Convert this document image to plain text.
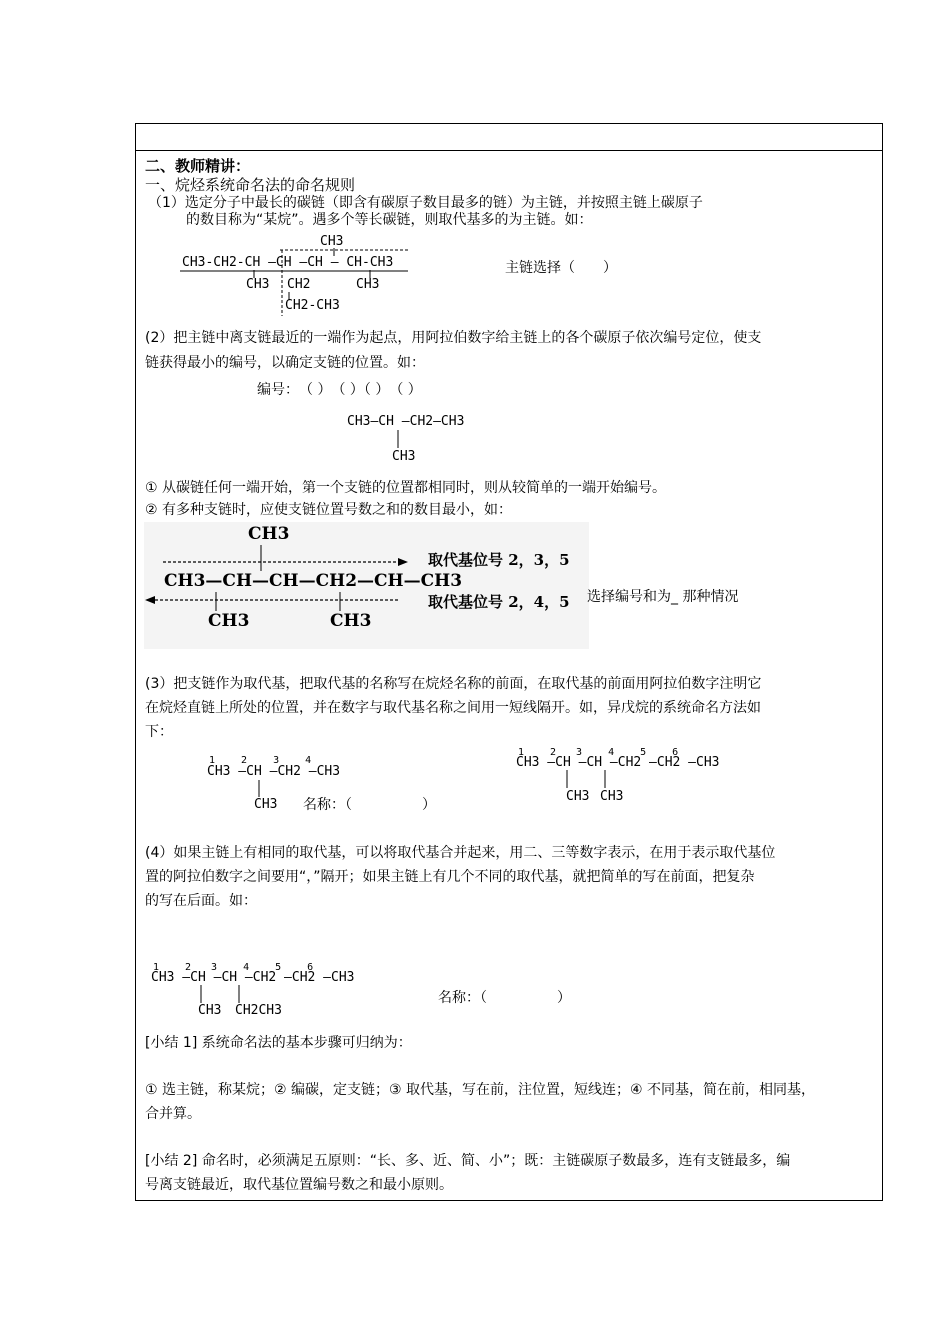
二、教师精讲：
一、烷烃系统命名法的命名规则
（1）选定分子中最长的碳链（即含有碳原子数目最多的链）为主链，并按照主链上碳原子
的数目称为“某烷”。遇多个等长碳链，则取代基多的为主链。如：
CH3
CH3-CH2-CH —CH —CH — CH-CH3
CH3 CH2	CH3
CH2-CH3
主链选择（　　）
(2）把主链中离支链最近的一端作为起点，用阿拉伯数字给主链上的各个碳原子依次编号定位，使支
链获得最小的编号，以确定支链的位置。如：
编号：　（ ）　（ ）（ ）　（ ）
CH3—CH —CH2—CH3
CH3
① 从碳链任何一端开始，第一个支链的位置都相同时，则从较简单的一端开始编号。
② 有多种支链时，应使支链位置号数之和的数目最小，如：
CH3
CH3—CH—CH—CH2—CH—CH3
CH3	CH3
取代基位号 2，3，5
取代基位号 2，4，5 选择编号和为_ 那种情况
(3）把支链作为取代基，把取代基的名称写在烷烃名称的前面，在取代基的前面用阿拉伯数字注明它
在烷烃直链上所处的位置，并在数字与取代基名称之间用一短线隔开。如，异戊烷的系统命名方法如
下：
1　　 2　　 3　　 4
CH3 —CH —CH2 —CH3
CH3 名称：（　　　　　）
1　　 2　　3　　 4　　 5　　 6
CH3 —CH —CH —CH2 —CH2 —CH3
CH3 CH3
(4）如果主链上有相同的取代基，可以将取代基合并起来，用二、三等数字表示，在用于表示取代基位
置的阿拉伯数字之间要用“，”隔开；如果主链上有几个不同的取代基，就把简单的写在前面，把复杂
的写在后面。如：
1　　 2　　3　　 4　　 5　　 6
CH3 —CH —CH —CH2 —CH2 —CH3
CH3 CH2CH3
名称：（　　　　　）
[小结 1] 系统命名法的基本步骤可归纳为：
① 选主链，称某烷；② 编碳，定支链；③ 取代基，写在前，注位置，短线连；④ 不同基，简在前，相同基，
合并算。
[小结 2] 命名时，必须满足五原则：“长、多、近、简、小”；既：主链碳原子数最多，连有支链最多，编
号离支链最近，取代基位置编号数之和最小原则。
